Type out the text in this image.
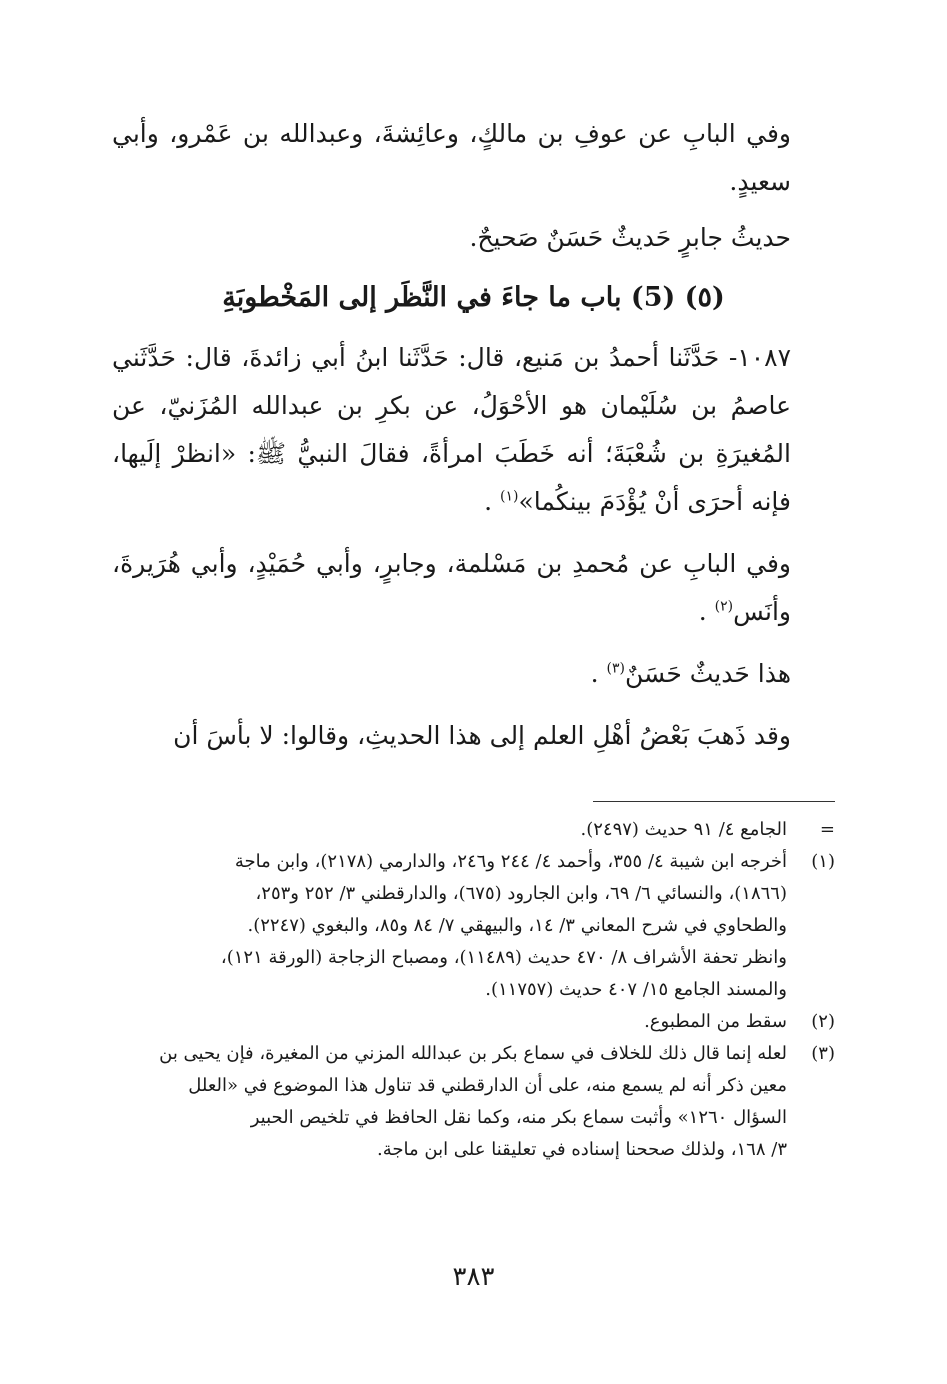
وفي البابِ عن عوفِ بن مالكٍ، وعائِشةَ، وعبدالله بن عَمْرو، وأبي سعيدٍ.

حديثُ جابرٍ حَديثٌ حَسَنٌ صَحيحٌ.

(٥) (5) باب ما جاءَ في النَّظَر إلى المَخْطوبَةِ

١٠٨٧- حَدَّثَنا أحمدُ بن مَنيع، قال: حَدَّثَنا ابنُ أبي زائدةَ، قال: حَدَّثَني عاصمُ بن سُلَيْمان هو الأحْوَلُ، عن بكرِ بن عبدالله المُزَنيّ، عن المُغيرَةِ بن شُعْبَةَ؛ أنه خَطَبَ امرأةً، فقالَ النبيُّ ﷺ: «انظرْ إلَيها، فإنه أحرَى أنْ يُؤْدَمَ بينكُما»$^{(١)}$ .

وفي البابِ عن مُحمدِ بن مَسْلمة، وجابرٍ، وأبي حُمَيْدٍ، وأبي هُرَيرةَ، وأنَس$^{(٢)}$ .

هذا حَديثٌ حَسَنٌ$^{(٣)}$ .

وقد ذَهبَ بَعْضُ أهْلِ العلم إلى هذا الحديثِ، وقالوا: لا بأسَ أن

=
الجامع ٤/ ٩١ حديث (٢٤٩٧).
(١)
أخرجه ابن شيبة ٤/ ٣٥٥، وأحمد ٤/ ٢٤٤ و٢٤٦، والدارمي (٢١٧٨)، وابن ماجة
(١٨٦٦)، والنسائي ٦/ ٦٩، وابن الجارود (٦٧٥)، والدارقطني ٣/ ٢٥٢ و٢٥٣،
والطحاوي في شرح المعاني ٣/ ١٤، والبيهقي ٧/ ٨٤ و٨٥، والبغوي (٢٢٤٧).
وانظر تحفة الأشراف ٨/ ٤٧٠ حديث (١١٤٨٩)، ومصباح الزجاجة (الورقة ١٢١)،
والمسند الجامع ١٥/ ٤٠٧ حديث (١١٧٥٧).
(٢)
سقط من المطبوع.
(٣)
لعله إنما قال ذلك للخلاف في سماع بكر بن عبدالله المزني من المغيرة، فإن يحيى بن
معين ذكر أنه لم يسمع منه، على أن الدارقطني قد تناول هذا الموضوع في «العلل
السؤال ١٢٦٠» وأثبت سماع بكر منه، وكما نقل الحافظ في تلخيص الحبير
٣/ ١٦٨، ولذلك صححنا إسناده في تعليقنا على ابن ماجة.
٣٨٣
